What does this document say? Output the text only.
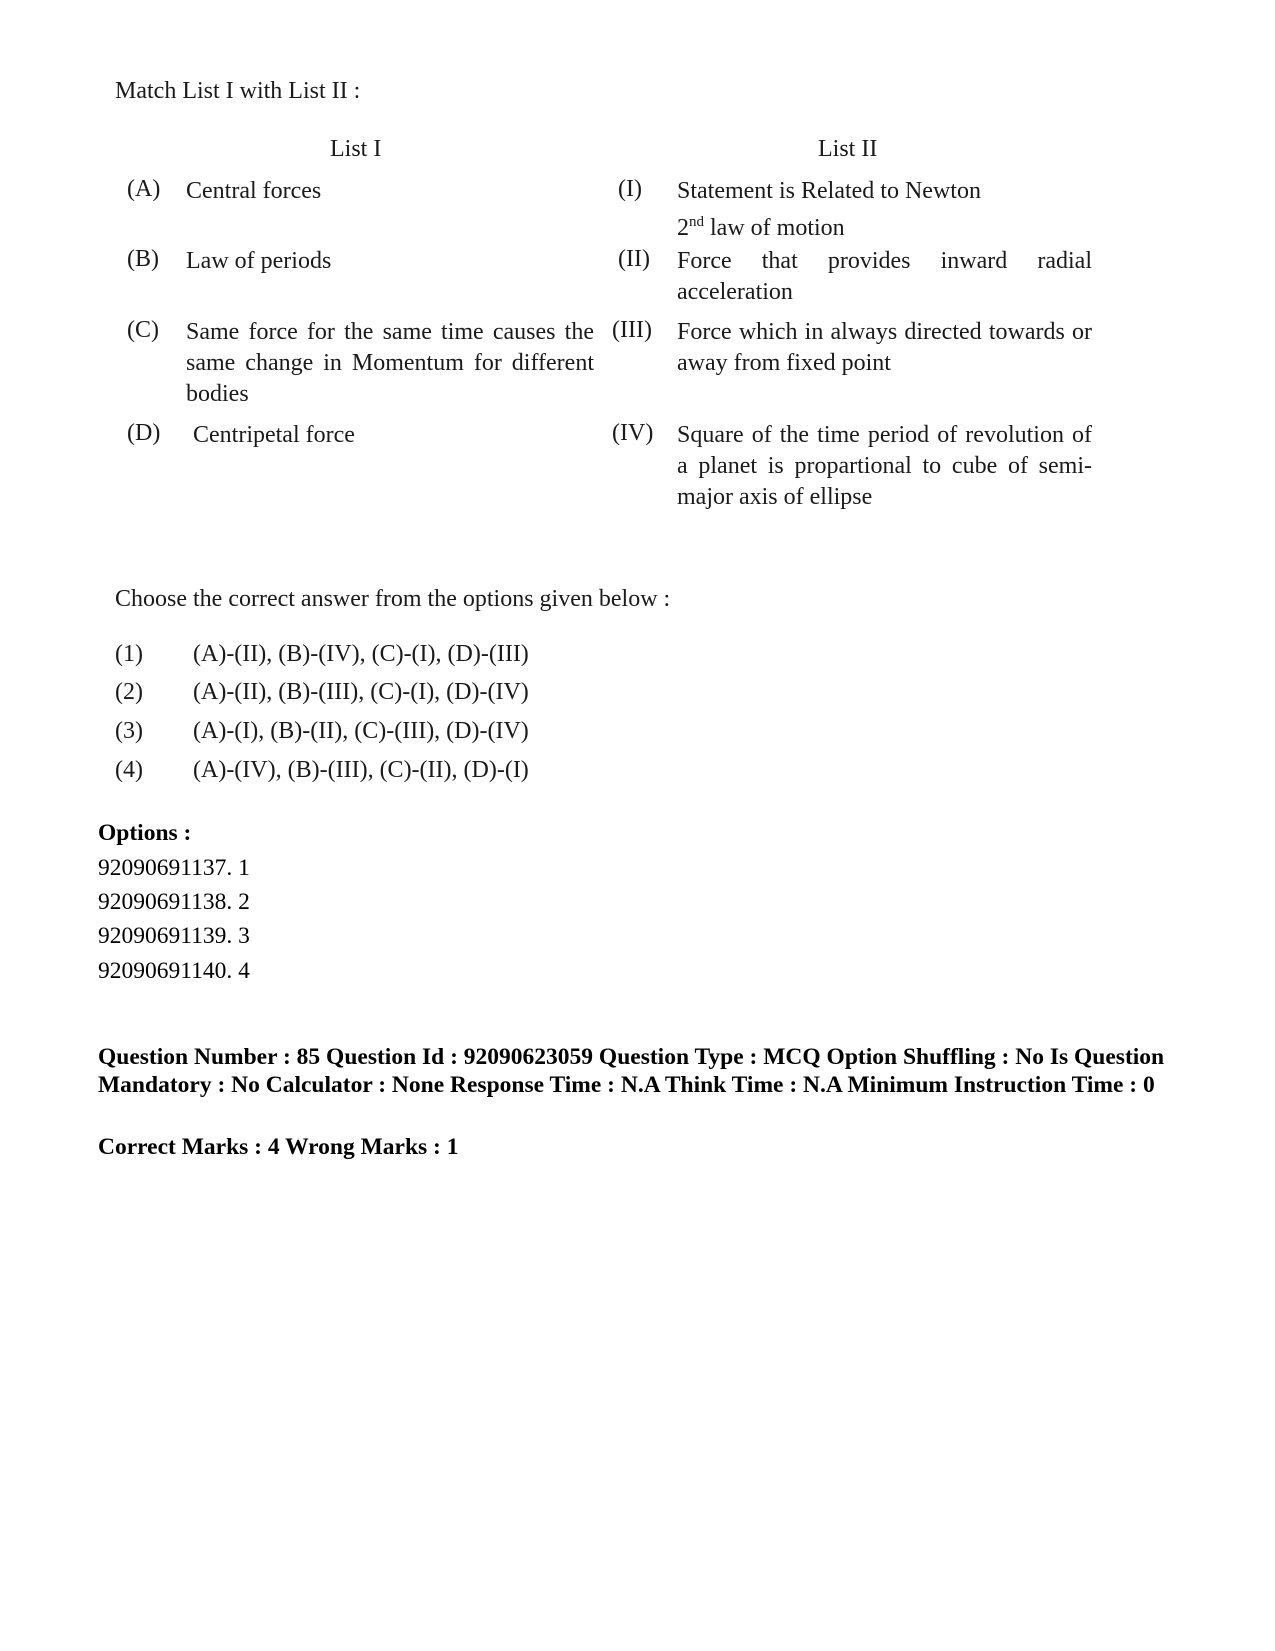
Match List I with List II :
List I	List II
(A) Central forces
(B) Law of periods
(C) Same force for the same time causes the same change in Momentum for different bodies
(D) Centripetal force
(I) Statement is Related to Newton
2nd law of motion
(II) Force that provides inward radial acceleration
(III) Force which in always directed towards or away from fixed point
(IV) Square of the time period of revolution of a planet is propartional to cube of semi-major axis of ellipse
Choose the correct answer from the options given below :
(1) (A)-(II), (B)-(IV), (C)-(I), (D)-(III)
(2) (A)-(II), (B)-(III), (C)-(I), (D)-(IV)
(3) (A)-(I), (B)-(II), (C)-(III), (D)-(IV)
(4) (A)-(IV), (B)-(III), (C)-(II), (D)-(I)
Options :
92090691137. 1
92090691138. 2
92090691139. 3
92090691140. 4
Question Number : 85 Question Id : 92090623059 Question Type : MCQ Option Shuffling : No Is Question Mandatory : No Calculator : None Response Time : N.A Think Time : N.A Minimum Instruction Time : 0
Correct Marks : 4 Wrong Marks : 1
